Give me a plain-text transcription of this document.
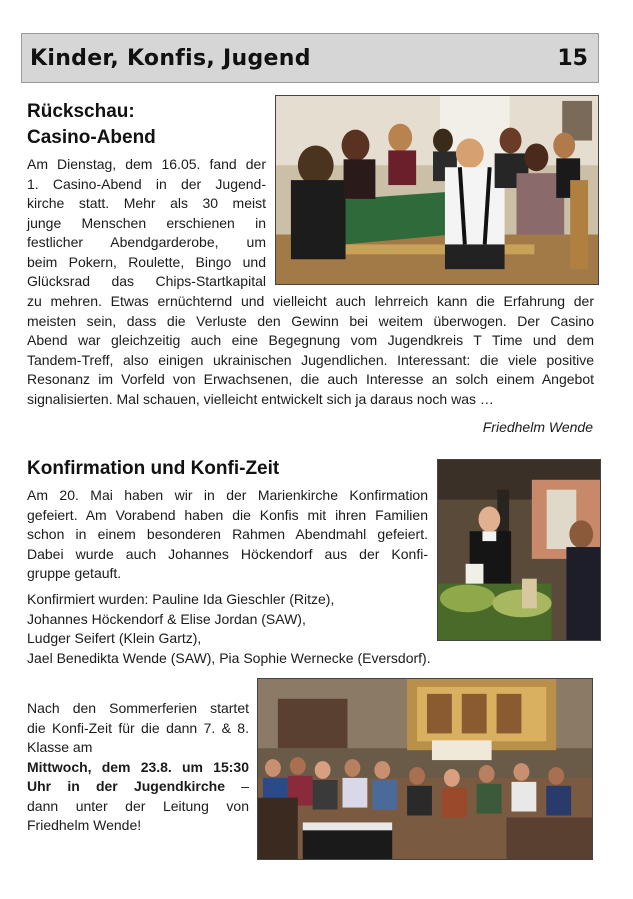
Kinder, Konfis, Jugend	15
Rückschau:
Casino-Abend
Am Dienstag, dem 16.05. fand der
1. Casino-Abend in der Jugend-
kirche statt. Mehr als 30 meist
junge Menschen erschienen in
festlicher Abendgarderobe, um
beim Pokern, Roulette, Bingo und
Glücksrad das Chips-Startkapital
zu mehren. Etwas ernüchternd und vielleicht auch lehrreich kann die Erfahrung der
meisten sein, dass die Verluste den Gewinn bei weitem überwogen. Der Casino
Abend war gleichzeitig auch eine Begegnung vom Jugendkreis T Time und dem
Tandem-Treff, also einigen ukrainischen Jugendlichen. Interessant: die viele positive
Resonanz im Vorfeld von Erwachsenen, die auch Interesse an solch einem Angebot
signalisierten. Mal schauen, vielleicht entwickelt sich ja daraus noch was …
Friedhelm Wende
Konfirmation und Konfi-Zeit
Am 20. Mai haben wir in der Marienkirche Konfirmation
gefeiert. Am Vorabend haben die Konfis mit ihren Familien
schon in einem besonderen Rahmen Abendmahl gefeiert.
Dabei wurde auch Johannes Höckendorf aus der Konfi-
gruppe getauft.
Konfirmiert wurden: Pauline Ida Gieschler (Ritze),
Johannes Höckendorf & Elise Jordan (SAW),
Ludger Seifert (Klein Gartz),
Jael Benedikta Wende (SAW), Pia Sophie Wernecke (Eversdorf).
Nach den Sommerferien startet
die Konfi-Zeit für die dann 7. & 8.
Klasse am
Mittwoch, dem 23.8. um 15:30
Uhr in der Jugendkirche –
dann unter der Leitung von
Friedhelm Wende!
